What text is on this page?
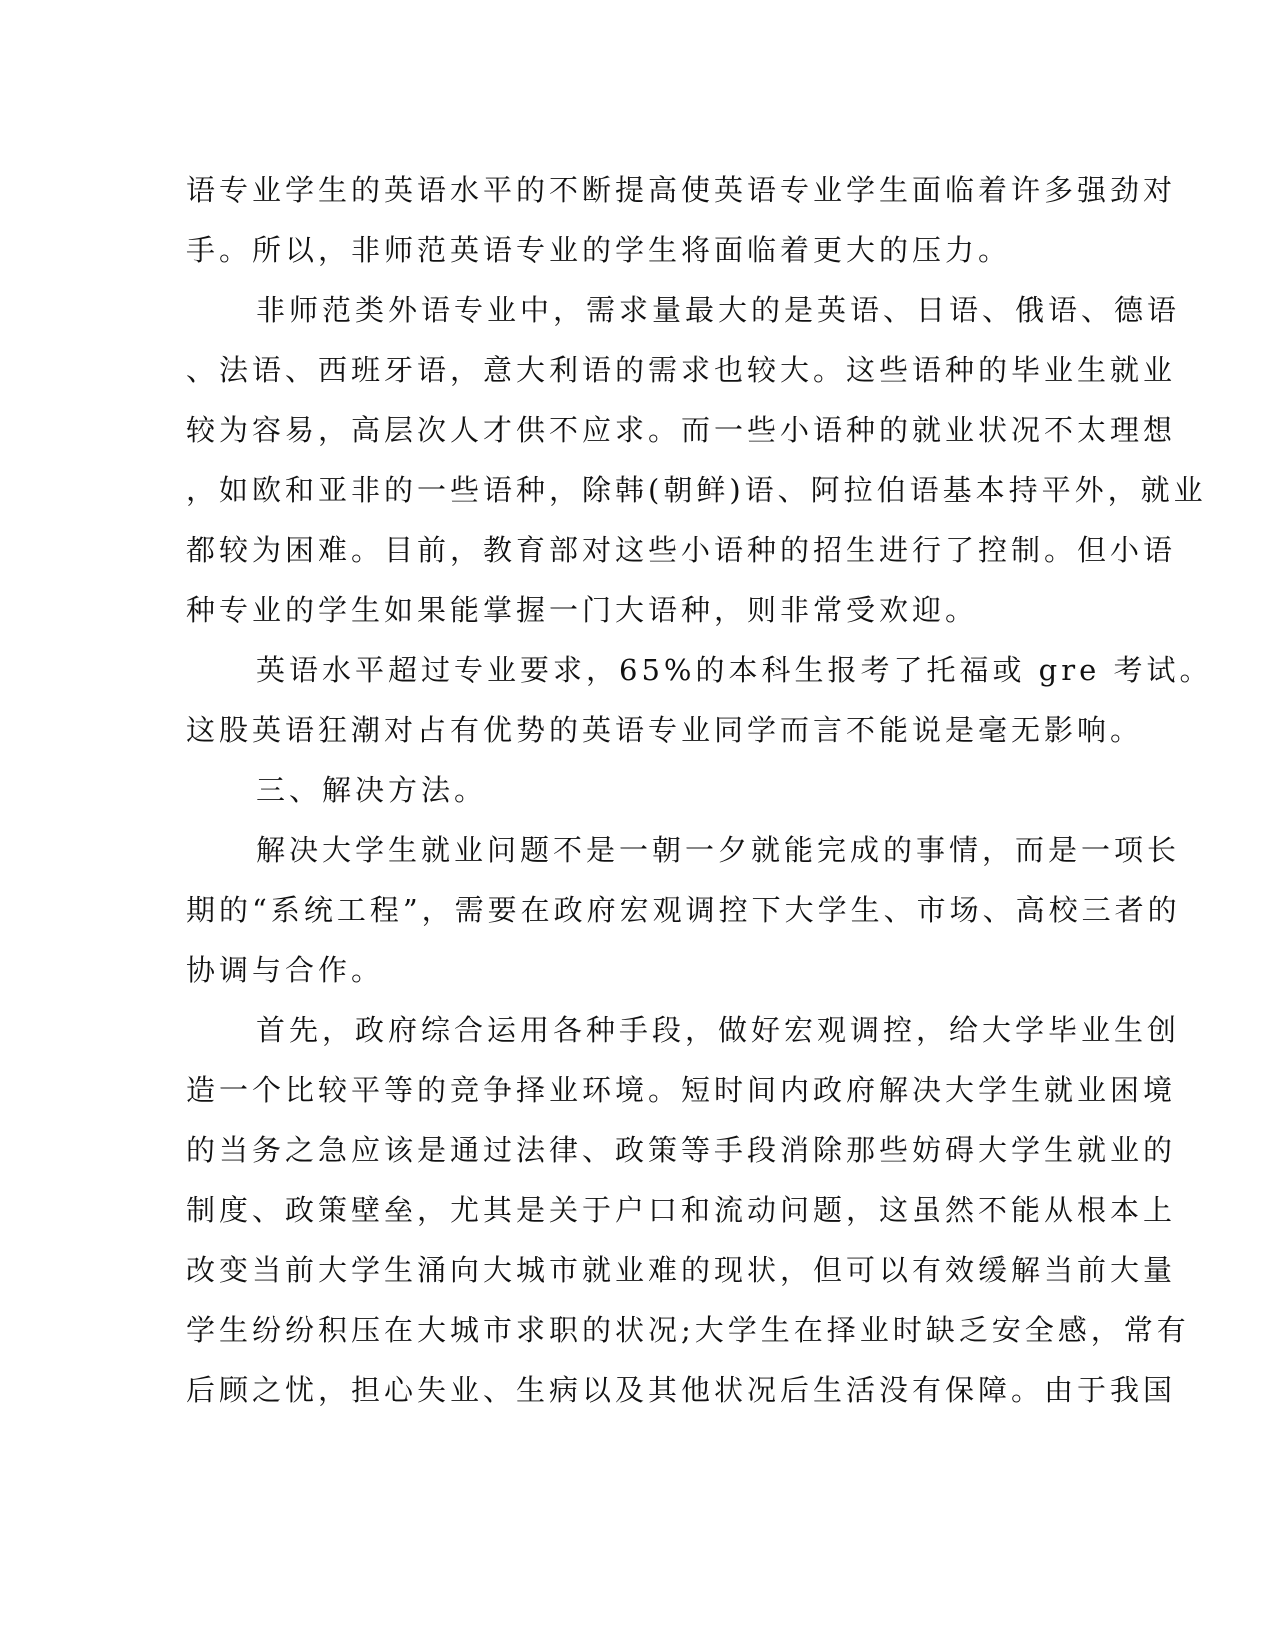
语专业学生的英语水平的不断提高使英语专业学生面临着许多强劲对
手。所以，非师范英语专业的学生将面临着更大的压力。
非师范类外语专业中，需求量最大的是英语、日语、俄语、德语
、法语、西班牙语，意大利语的需求也较大。这些语种的毕业生就业
较为容易，高层次人才供不应求。而一些小语种的就业状况不太理想
，如欧和亚非的一些语种，除韩(朝鲜)语、阿拉伯语基本持平外，就业
都较为困难。目前，教育部对这些小语种的招生进行了控制。但小语
种专业的学生如果能掌握一门大语种，则非常受欢迎。
英语水平超过专业要求，65%的本科生报考了托福或 gre 考试。
这股英语狂潮对占有优势的英语专业同学而言不能说是毫无影响。
三、解决方法。
解决大学生就业问题不是一朝一夕就能完成的事情，而是一项长
期的“系统工程”，需要在政府宏观调控下大学生、市场、高校三者的
协调与合作。
首先，政府综合运用各种手段，做好宏观调控，给大学毕业生创
造一个比较平等的竞争择业环境。短时间内政府解决大学生就业困境
的当务之急应该是通过法律、政策等手段消除那些妨碍大学生就业的
制度、政策壁垒，尤其是关于户口和流动问题，这虽然不能从根本上
改变当前大学生涌向大城市就业难的现状，但可以有效缓解当前大量
学生纷纷积压在大城市求职的状况;大学生在择业时缺乏安全感，常有
后顾之忧，担心失业、生病以及其他状况后生活没有保障。由于我国
